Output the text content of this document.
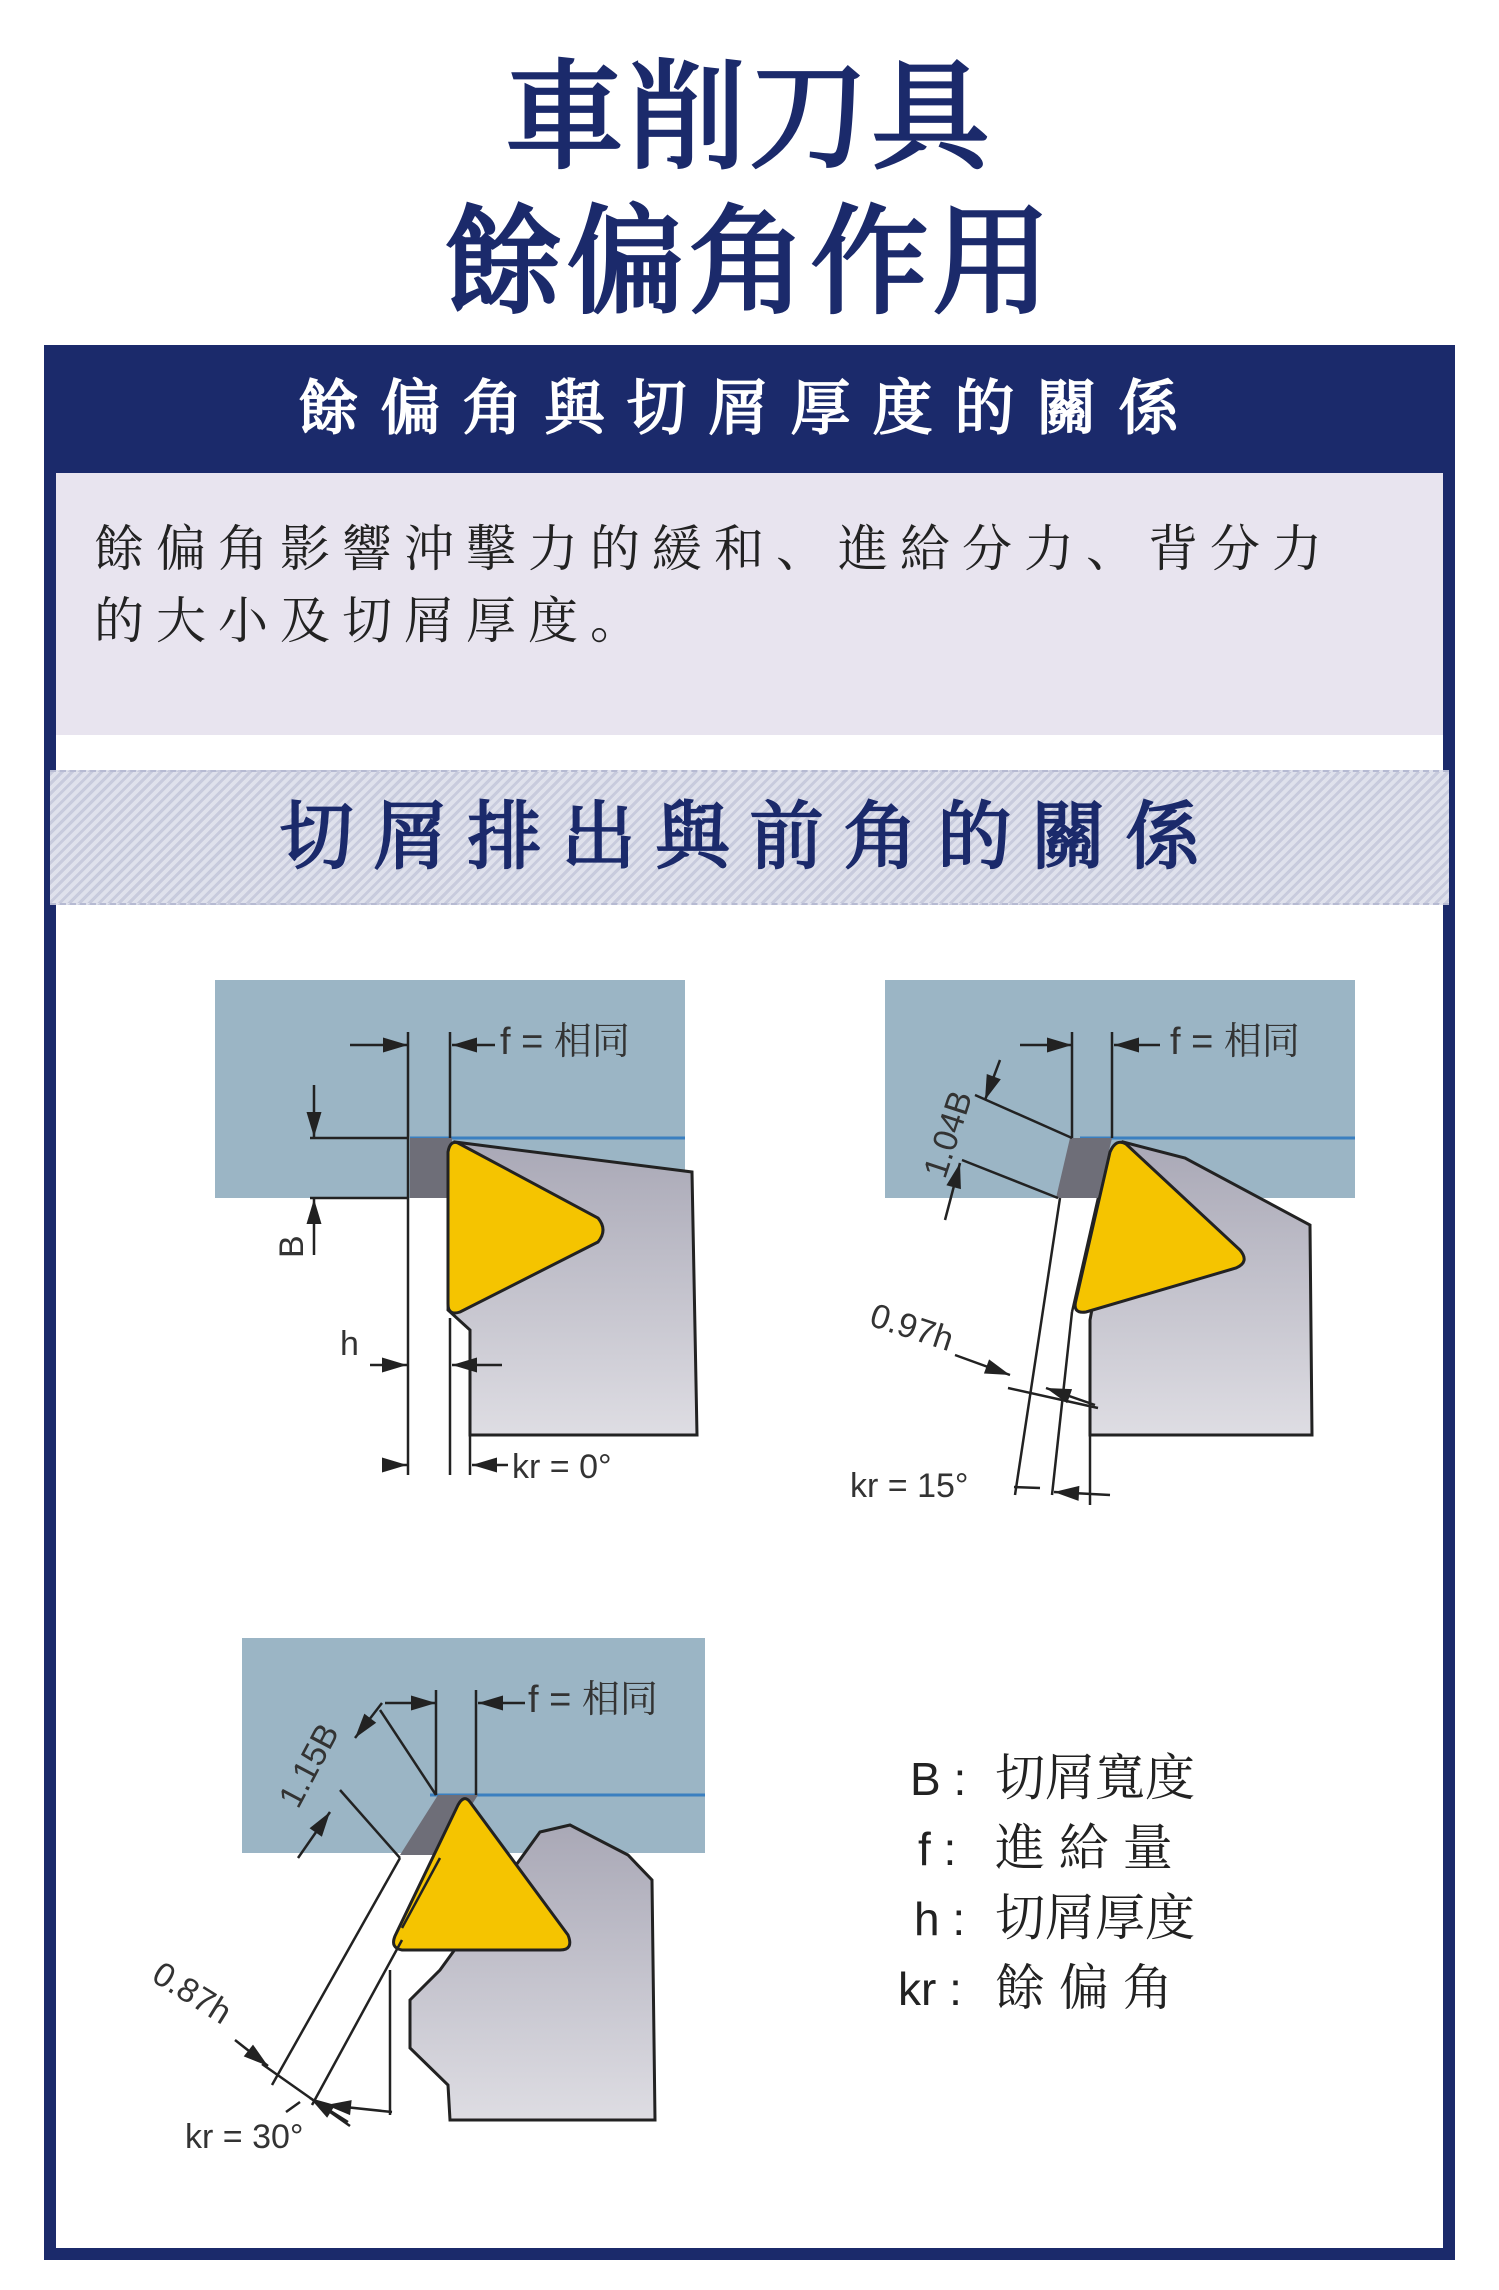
車削刀具
餘偏角作用
餘偏角與切屑厚度的關係
餘偏角影響沖擊力的緩和、進給分力、背分力
的大小及切屑厚度。
切屑排出與前角的關係
f = 相同
B
h
kr = 0°
f = 相同
1.04B
0.97h
kr = 15°
f = 相同
1.15B
0.87h
kr = 30°
B : 切屑寬度
f : 進 給 量
h : 切屑厚度
kr : 餘 偏 角
